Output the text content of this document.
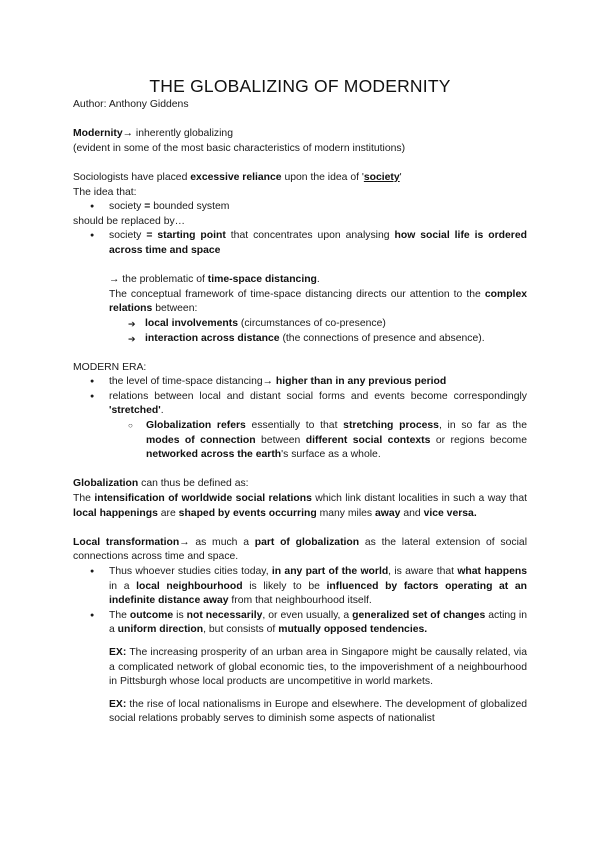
THE GLOBALIZING OF MODERNITY

Author: Anthony Giddens

Modernity→ inherently globalizing

(evident in some of the most basic characteristics of modern institutions)

Sociologists have placed excessive reliance upon the idea of 'society'

The idea that:

● society = bounded system

should be replaced by…

● society = starting point that concentrates upon analysing how social life is ordered across time and space

→ the problematic of time-space distancing.

The conceptual framework of time-space distancing directs our attention to the complex relations between:

➔ local involvements (circumstances of co-presence)
➔ interaction across distance (the connections of presence and absence).

MODERN ERA:

● the level of time-space distancing→ higher than in any previous period
● relations between local and distant social forms and events become correspondingly 'stretched'.
○ Globalization refers essentially to that stretching process, in so far as the modes of connection between different social contexts or regions become networked across the earth's surface as a whole.

Globalization can thus be defined as:

The intensification of worldwide social relations which link distant localities in such a way that local happenings are shaped by events occurring many miles away and vice versa.

Local transformation→ as much a part of globalization as the lateral extension of social connections across time and space.

● Thus whoever studies cities today, in any part of the world, is aware that what happens in a local neighbourhood is likely to be influenced by factors operating at an indefinite distance away from that neighbourhood itself.
● The outcome is not necessarily, or even usually, a generalized set of changes acting in a uniform direction, but consists of mutually opposed tendencies.

EX: The increasing prosperity of an urban area in Singapore might be causally related, via a complicated network of global economic ties, to the impoverishment of a neighbourhood in Pittsburgh whose local products are uncompetitive in world markets.

EX: the rise of local nationalisms in Europe and elsewhere. The development of globalized social relations probably serves to diminish some aspects of nationalist
